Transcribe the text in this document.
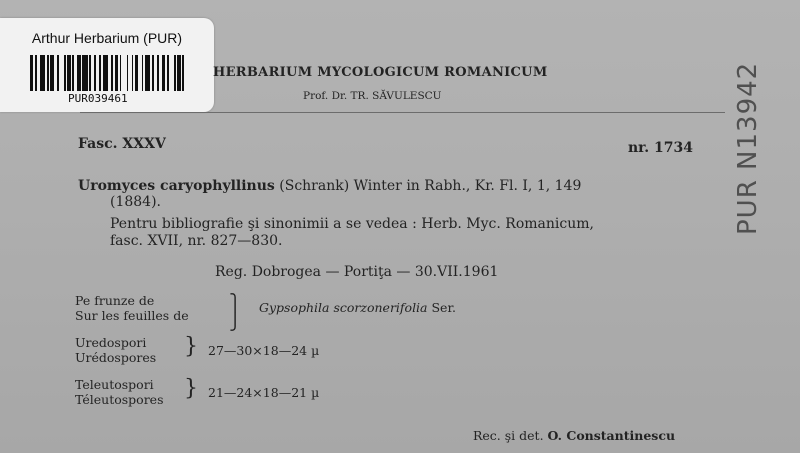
Arthur Herbarium (PUR)
PUR039461
HERBARIUM MYCOLOGICUM ROMANICUM
Prof. Dr. TR. SĂVULESCU
Fasc. XXXV	nr. 1734
Uromyces caryophyllinus (Schrank) Winter in Rabh., Kr. Fl. I, 1, 149
(1884).
Pentru bibliografie şi sinonimii a se vedea : Herb. Myc. Romanicum,
fasc. XVII, nr. 827—830.
Reg. Dobrogea — Portiţa — 30.VII.1961
Pe frunze de
Sur les feuilles de
⎫
⎭
Gypsophila scorzonerifolia Ser.
Uredospori
Urédospores } 27—30×18—24 µ
Teleutospori
Téleutospores } 21—24×18—21 µ
Rec. şi det. O. Constantinescu
PUR N13942
